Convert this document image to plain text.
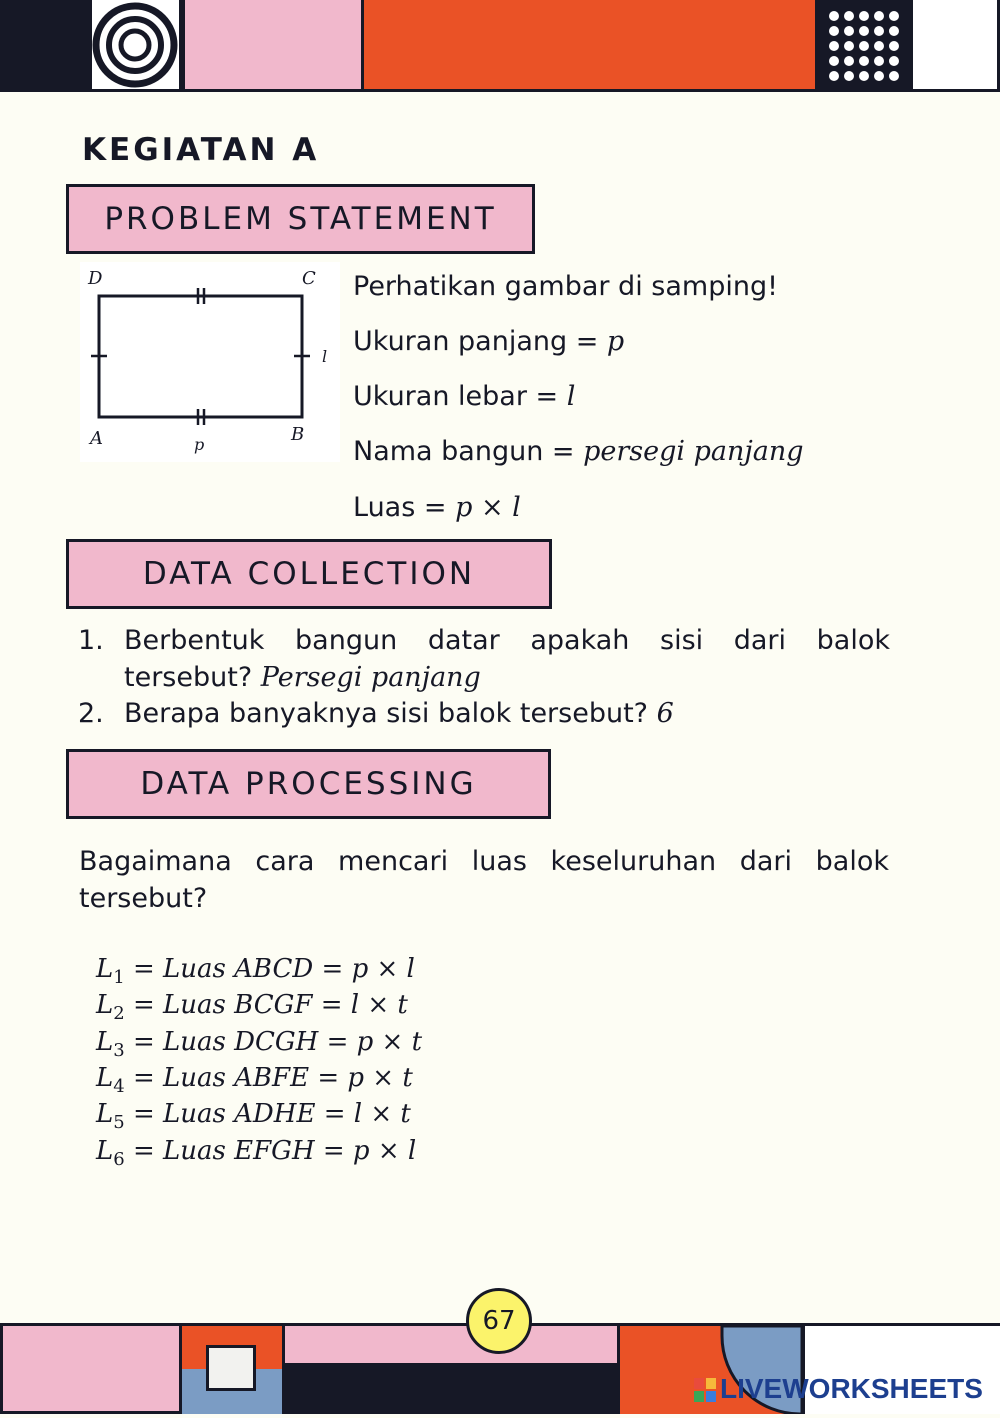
KEGIATAN A
PROBLEM STATEMENT
D	C
A	B
p
l
Perhatikan gambar di samping!
Ukuran panjang = p
Ukuran lebar = l
Nama bangun = persegi panjang
Luas = p × l
DATA COLLECTION
1. Berbentuk bangun datar apakah sisi dari balok tersebut? Persegi panjang
2. Berapa banyaknya sisi balok tersebut? 6
DATA PROCESSING
Bagaimana cara mencari luas keseluruhan dari balok tersebut?
$L_1$ = Luas ABCD = p × l
$L_2$ = Luas BCGF = l × t
$L_3$ = Luas DCGH = p × t
$L_4$ = Luas ABFE = p × t
$L_5$ = Luas ADHE = l × t
$L_6$ = Luas EFGH = p × l
67
LIVEWORKSHEETS
